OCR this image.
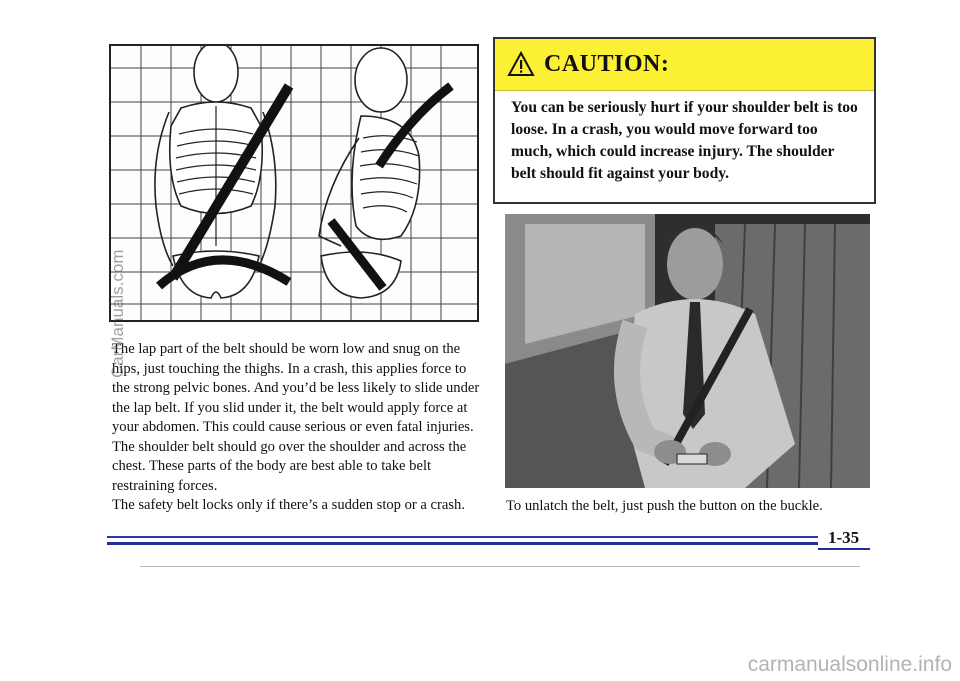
The lap part of the belt should be worn low and snug on the hips, just touching the thighs. In a crash, this applies force to the strong pelvic bones. And you’d be less likely to slide under the lap belt. If you slid under it, the belt would apply force at your abdomen. This could cause serious or even fatal injuries. The shoulder belt should go over the shoulder and across the chest. These parts of the body are best able to take belt restraining forces.

The safety belt locks only if there’s a sudden stop or a crash.

CAUTION:

You can be seriously hurt if your shoulder belt is too loose. In a crash, you would move forward too much, which could increase injury. The shoulder belt should fit against your body.

To unlatch the belt, just push the button on the buckle.
1-35
CarManuals.com
carmanualsonline.info
